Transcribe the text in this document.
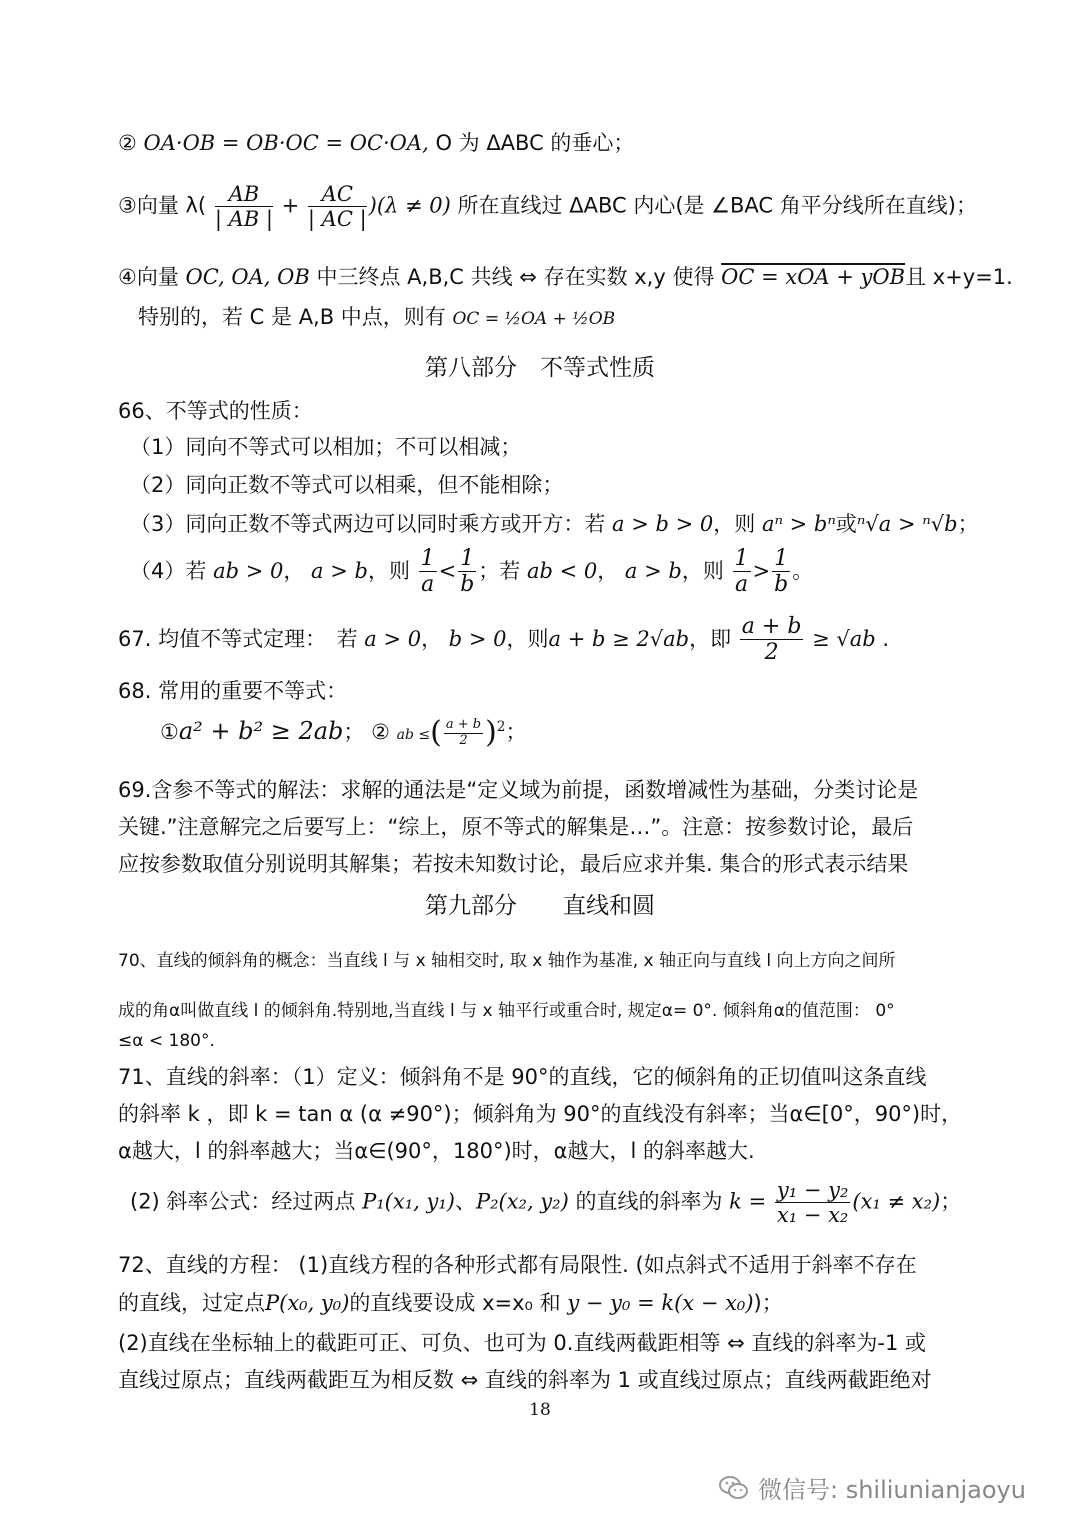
② OA·OB = OB·OC = OC·OA, O 为 ΔABC 的垂心；
③向量 $\lambda( \frac{AB}{| AB |} + \frac{AC}{| AC |} )(\lambda \ne 0)$ 所在直线过 ΔABC 内心(是 ∠BAC 角平分线所在直线)；
④向量 OC, OA, OB 中三终点 A,B,C 共线 ⇔ 存在实数 x,y 使得 OC = xOA + yOB且 x+y=1.
特别的，若 C 是 A,B 中点，则有 OC = ½OA + ½OB
第八部分　不等式性质
66、不等式的性质：
（1）同向不等式可以相加；不可以相减；
（2）同向正数不等式可以相乘，但不能相除；
（3）同向正数不等式两边可以同时乘方或开方：若 a > b > 0，则 aⁿ > bⁿ或ⁿ√a > ⁿ√b；
（4）若 ab > 0， a > b，则 $\frac{1}{a} < \frac{1}{b}$ ；若 ab < 0， a > b，则 $\frac{1}{a} > \frac{1}{b}$ 。
67. 均值不等式定理：　若 a > 0， b > 0，则a + b ≥ 2√ab，即 $\frac{a + b}{2} \ge √ab$ .
68. 常用的重要不等式：
①a² + b² ≥ 2ab； ② ab ≤( $\frac{a + b}{2} )^2$；
69.含参不等式的解法：求解的通法是“定义域为前提，函数增减性为基础，分类讨论是
关键.”注意解完之后要写上：“综上，原不等式的解集是…”。注意：按参数讨论，最后
应按参数取值分别说明其解集；若按未知数讨论，最后应求并集. 集合的形式表示结果
第九部分　　直线和圆
70、直线的倾斜角的概念：当直线 l 与 x 轴相交时, 取 x 轴作为基准, x 轴正向与直线 l 向上方向之间所
成的角α叫做直线 l 的倾斜角.特别地,当直线 l 与 x 轴平行或重合时, 规定α= 0°. 倾斜角α的值范围： 0°
≤α < 180°.
71、直线的斜率：（1）定义：倾斜角不是 90°的直线，它的倾斜角的正切值叫这条直线
的斜率 k ，即 k = tan α (α ≠90°)；倾斜角为 90°的直线没有斜率；当α∈[0°，90°)时，
α越大，l 的斜率越大；当α∈(90°，180°)时，α越大，l 的斜率越大.
(2) 斜率公式：经过两点 P₁(x₁, y₁)、P₂(x₂, y₂) 的直线的斜率为 $k = \frac{\text{y₁ − y₂}}{\text{x₁ − x₂}} (x_1 \ne x_2)$；
72、直线的方程： (1)直线方程的各种形式都有局限性. (如点斜式不适用于斜率不存在
的直线，过定点P(x₀, y₀)的直线要设成 x=x₀ 和 y − y₀ = k(x − x₀))；
(2)直线在坐标轴上的截距可正、可负、也可为 0.直线两截距相等 ⇔ 直线的斜率为-1 或
直线过原点；直线两截距互为相反数 ⇔ 直线的斜率为 1 或直线过原点；直线两截距绝对
18
微信号: shiliunianjaoyu
